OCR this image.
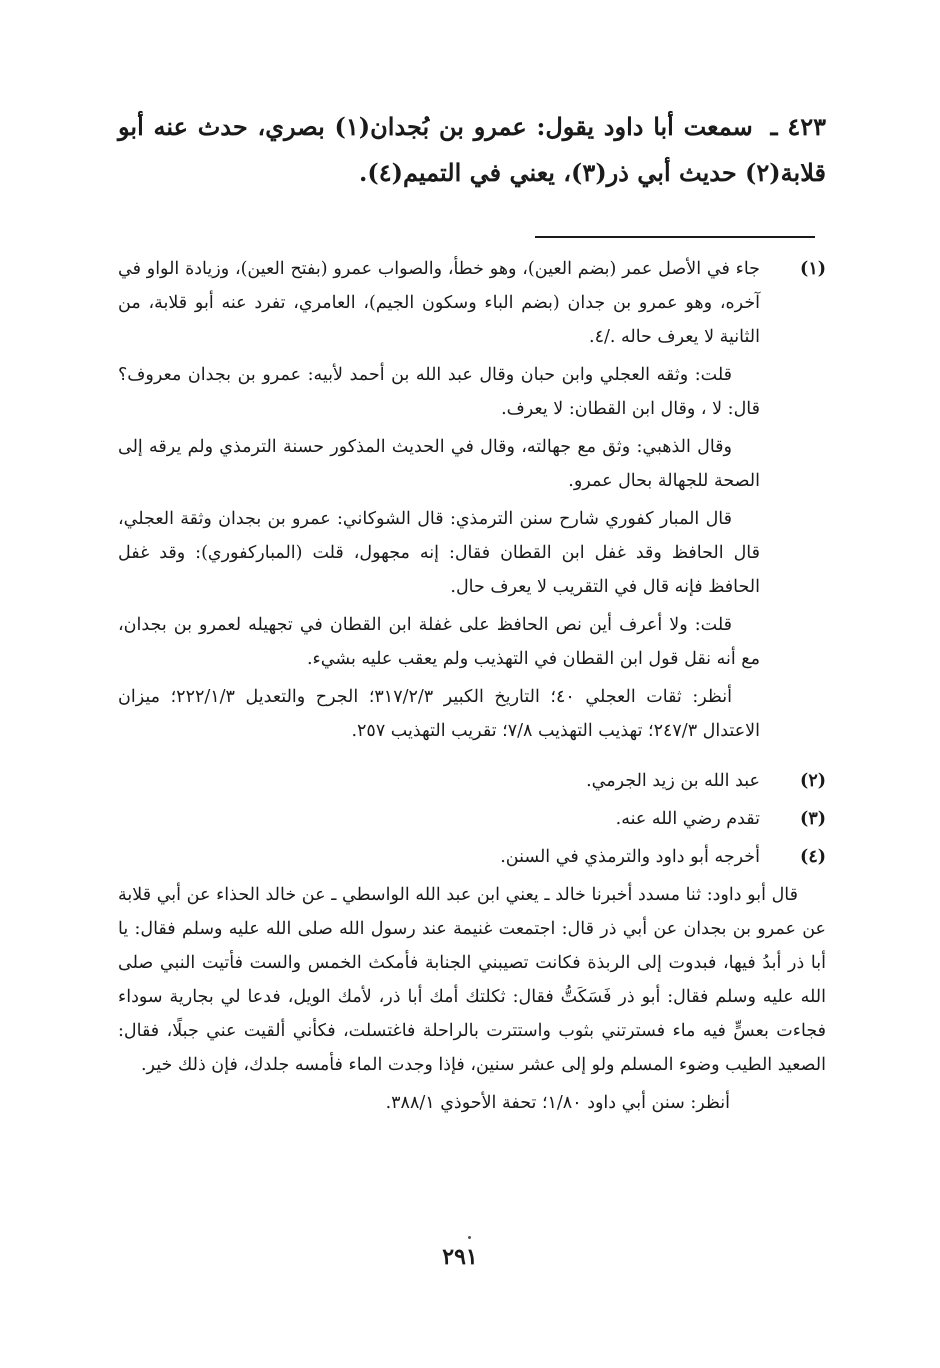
٤٢٣ ـ سمعت أبا داود يقول: عمرو بن بُجدان(١) بصري، حدث عنه أبو قلابة(٢) حديث أبي ذر(٣)، يعني في التميم(٤).
(١)

جاء في الأصل عمر (بضم العين)، وهو خطأ، والصواب عمرو (بفتح العين)، وزيادة الواو في آخره، وهو عمرو بن جدان (بضم الباء وسكون الجيم)، العامري، تفرد عنه أبو قلابة، من الثانية لا يعرف حاله ./٤.

قلت: وثقه العجلي وابن حبان وقال عبد الله بن أحمد لأبيه: عمرو بن بجدان معروف؟ قال: لا ، وقال ابن القطان: لا يعرف.

وقال الذهبي: وثق مع جهالته، وقال في الحديث المذكور حسنة الترمذي ولم يرقه إلى الصحة للجهالة بحال عمرو.

قال المبار كفوري شارح سنن الترمذي: قال الشوكاني: عمرو بن بجدان وثقة العجلي، قال الحافظ وقد غفل ابن القطان فقال: إنه مجهول، قلت (المباركفوري): وقد غفل الحافظ فإنه قال في التقريب لا يعرف حال.

قلت: ولا أعرف أين نص الحافظ على غفلة ابن القطان في تجهيله لعمرو بن بجدان، مع أنه نقل قول ابن القطان في التهذيب ولم يعقب عليه بشيء.

أنظر: ثقات العجلي ٤٠؛ التاريخ الكبير ٣١٧/٢/٣؛ الجرح والتعديل ٢٢٢/١/٣؛ ميزان الاعتدال ٢٤٧/٣؛ تهذيب التهذيب ٧/٨؛ تقريب التهذيب ٢٥٧.

(٢)

عبد الله بن زيد الجرمي.

(٣)

تقدم رضي الله عنه.

(٤)

أخرجه أبو داود والترمذي في السنن.

قال أبو داود: ثنا مسدد أخبرنا خالد ـ يعني ابن عبد الله الواسطي ـ عن خالد الحذاء عن أبي قلابة عن عمرو بن بجدان عن أبي ذر قال: اجتمعت غنيمة عند رسول الله صلى الله عليه وسلم فقال: يا أبا ذر أبدُ فيها، فبدوت إلى الربذة فكانت تصيبني الجنابة فأمكث الخمس والست فأتيت النبي صلى الله عليه وسلم فقال: أبو ذر فَسَكَتُّ فقال: ثكلتك أمك أبا ذر، لأمك الويل، فدعا لي بجارية سوداء فجاءت بعسٍّ فيه ماء فسترتني بثوب واستترت بالراحلة فاغتسلت، فكأني ألقيت عني جبلًا، فقال: الصعيد الطيب وضوء المسلم ولو إلى عشر سنين، فإذا وجدت الماء فأمسه جلدك، فإن ذلك خير.

أنظر: سنن أبي داود ١/٨٠؛ تحفة الأحوذي ٣٨٨/١.

٢٩١
